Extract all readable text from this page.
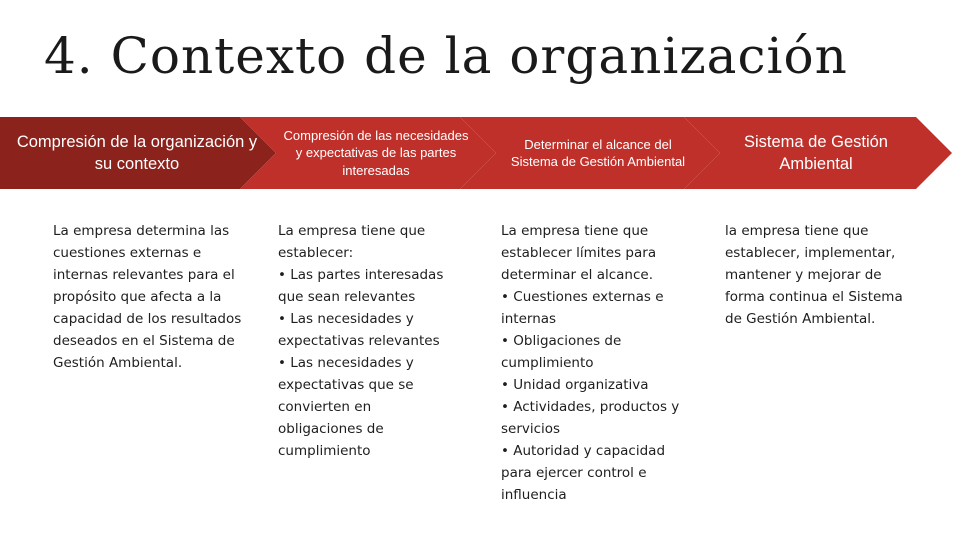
4. Contexto de la organización
Compresión de la organización y su contexto
Compresión de las necesidades y expectativas de las partes interesadas
Determinar el alcance del Sistema de Gestión Ambiental
Sistema de Gestión Ambiental

La empresa determina las cuestiones externas e internas relevantes para el propósito que afecta a la capacidad de los resultados deseados en el Sistema de Gestión Ambiental.

La empresa tiene que establecer:

• Las partes interesadas que sean relevantes
• Las necesidades y expectativas relevantes
• Las necesidades y expectativas que se convierten en obligaciones de cumplimiento

La empresa tiene que establecer límites para determinar el alcance.

• Cuestiones externas e internas
• Obligaciones de cumplimiento
• Unidad organizativa
• Actividades, productos y servicios
• Autoridad y capacidad para ejercer control e influencia

la empresa tiene que establecer, implementar, mantener y mejorar de forma continua el Sistema de Gestión Ambiental.
